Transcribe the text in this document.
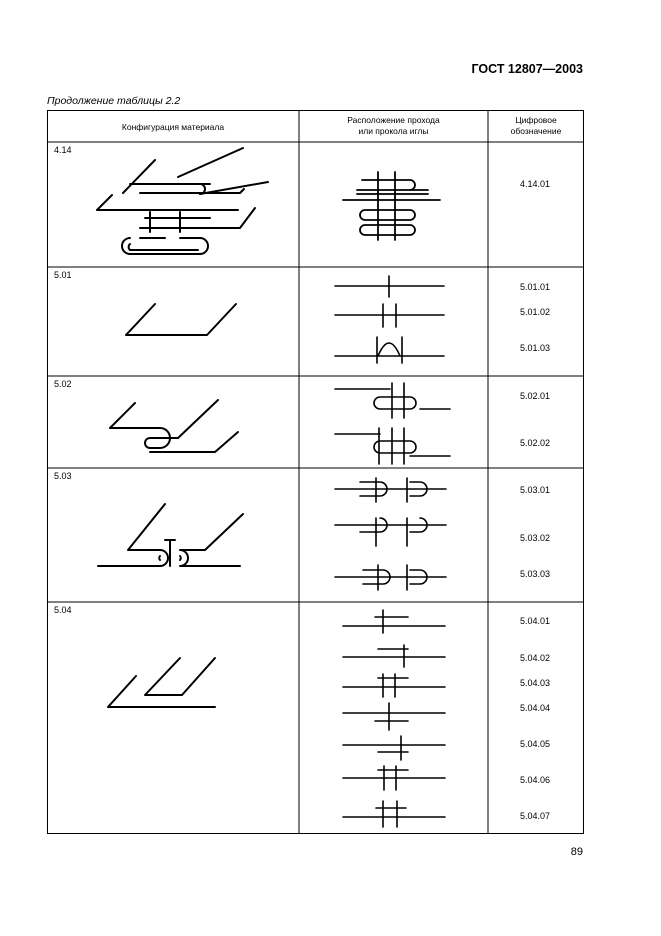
ГОСТ 12807—2003
Продолжение таблицы 2.2
Конфигурация материала
Расположение прохода
или прокола иглы
Цифровое
обозначение
4.14
5.01
5.02
5.03
5.04
4.14.01
5.01.01
5.01.02
5.01.03
5.02.01
5.02.02
5.03.01
5.03.02
5.03.03
5.04.01
5.04.02
5.04.03
5.04.04
5.04.05
5.04.06
5.04.07
89
